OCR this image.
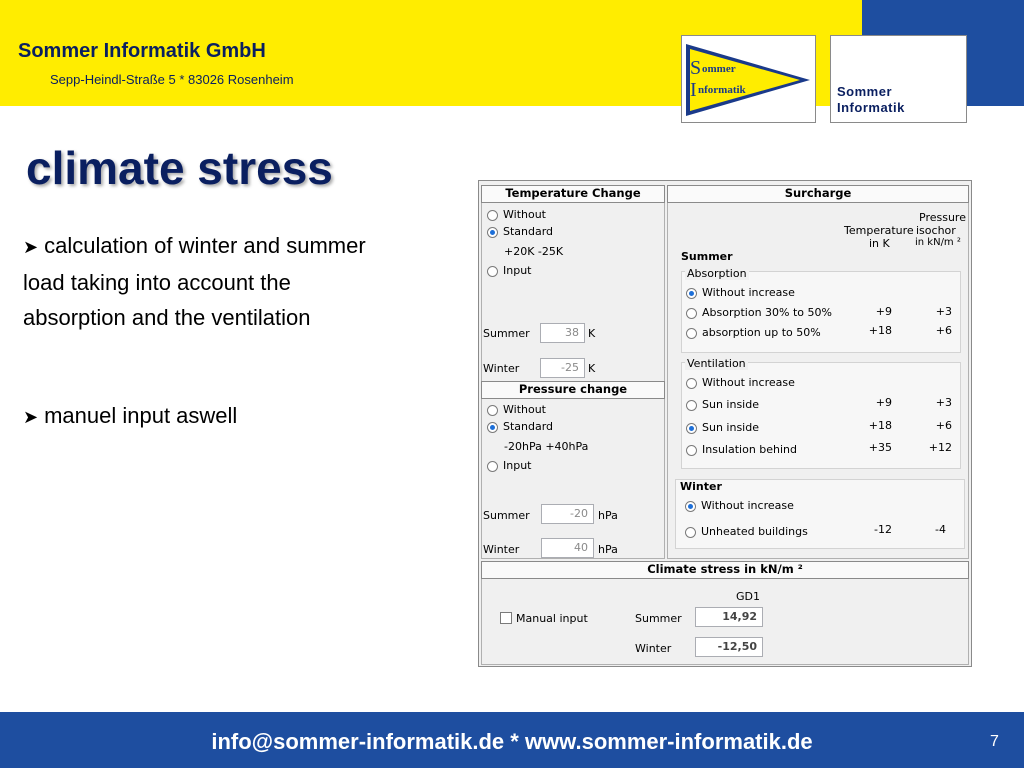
Sommer Informatik GmbH
Sepp-Heindl-Straße 5 * 83026 Rosenheim
S
I
ommer
nformatik	Sommer
Informatik
climate stress
➤ calculation of winter and summer load taking into account the absorption and the ventilation
➤ manuel input aswell
Temperature Change
Without
Standard
+20K -25K
Input
Summer	38 K
Winter	-25 K
Pressure change
Without
Standard
-20hPa +40hPa
Input
Summer	-20 hPa
Winter	40 hPa
Surcharge
Temperature
in K
Pressure
isochor
in kN/m ²
Summer
Absorption
Without increase
Absorption 30% to 50%	+9	+3
absorption up to 50%	+18	+6
Ventilation
Without increase
Sun inside	+9	+3
Sun inside	+18	+6
Insulation behind	+35	+12
Winter
Without increase
Unheated buildings	-12	-4
Climate stress in kN/m ²
GD1
Manual input	Summer	14,92
Winter	-12,50
info@sommer-informatik.de * www.sommer-informatik.de	7
